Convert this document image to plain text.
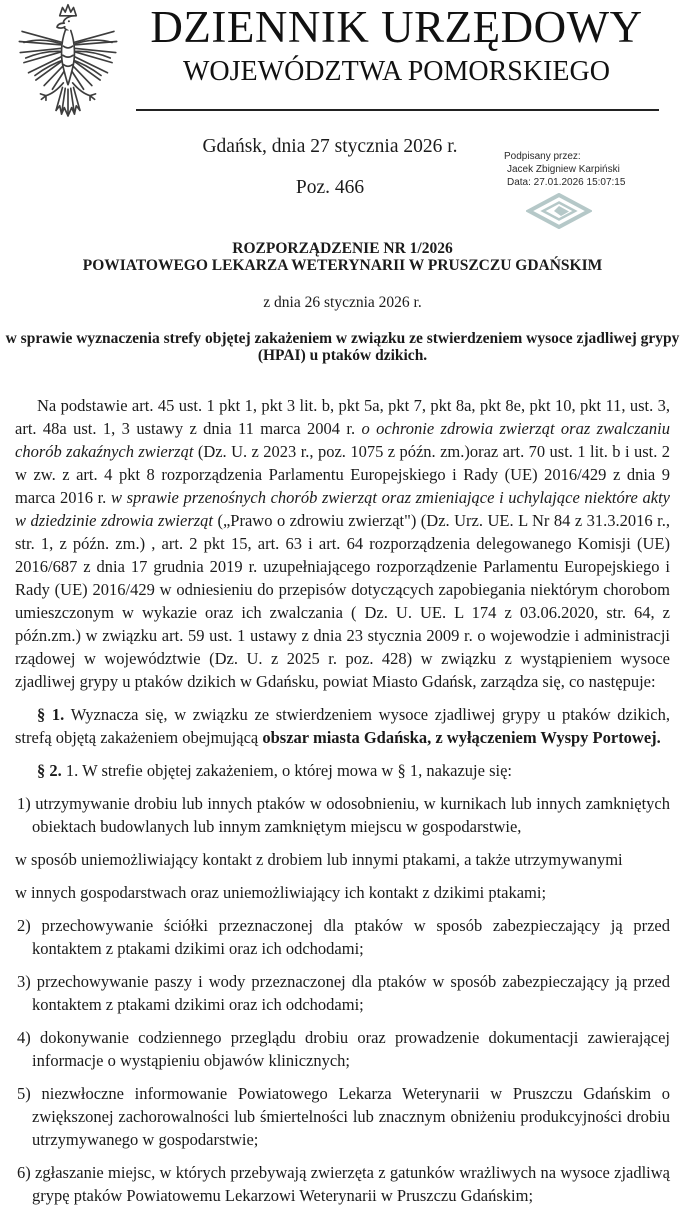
DZIENNIK URZĘDOWY
WOJEWÓDZTWA POMORSKIEGO
Gdańsk, dnia 27 stycznia 2026 r.
Poz. 466
Podpisany przez:
Jacek Zbigniew Karpiński
Data: 27.01.2026 15:07:15
ROZPORZĄDZENIE NR 1/2026
POWIATOWEGO LEKARZA WETERYNARII W PRUSZCZU GDAŃSKIM
z dnia 26 stycznia 2026 r.
w sprawie wyznaczenia strefy objętej zakażeniem w związku ze stwierdzeniem wysoce zjadliwej grypy (HPAI) u ptaków dzikich.

Na podstawie art. 45 ust. 1 pkt 1, pkt 3 lit. b, pkt 5a, pkt 7, pkt 8a, pkt 8e, pkt 10, pkt 11, ust. 3, art. 48a ust. 1, 3 ustawy z dnia 11 marca 2004 r. o ochronie zdrowia zwierząt oraz zwalczaniu chorób zakaźnych zwierząt (Dz. U. z 2023 r., poz. 1075 z późn. zm.)oraz art. 70 ust. 1 lit. b i ust. 2 w zw. z art. 4 pkt 8 rozporządzenia Parlamentu Europejskiego i Rady (UE) 2016/429 z dnia 9 marca 2016 r. w sprawie przenośnych chorób zwierząt oraz zmieniające i uchylające niektóre akty w dziedzinie zdrowia zwierząt („Prawo o zdrowiu zwierząt") (Dz. Urz. UE. L Nr 84 z 31.3.2016 r., str. 1, z późn. zm.) , art. 2 pkt 15, art. 63 i art. 64 rozporządzenia delegowanego Komisji (UE) 2016/687 z dnia 17 grudnia 2019 r. uzupełniającego rozporządzenie Parlamentu Europejskiego i Rady (UE) 2016/429 w odniesieniu do przepisów dotyczących zapobiegania niektórym chorobom umieszczonym w wykazie oraz ich zwalczania ( Dz. U. UE. L 174 z 03.06.2020, str. 64, z późn.zm.) w związku art. 59 ust. 1 ustawy z dnia 23 stycznia 2009 r. o wojewodzie i administracji rządowej w województwie (Dz. U. z 2025 r. poz. 428) w związku z wystąpieniem wysoce zjadliwej grypy u ptaków dzikich w Gdańsku, powiat Miasto Gdańsk, zarządza się, co następuje:

§ 1. Wyznacza się, w związku ze stwierdzeniem wysoce zjadliwej grypy u ptaków dzikich, strefą objętą zakażeniem obejmującą obszar miasta Gdańska, z wyłączeniem Wyspy Portowej.

§ 2. 1. W strefie objętej zakażeniem, o której mowa w § 1, nakazuje się:

1) utrzymywanie drobiu lub innych ptaków w odosobnieniu, w kurnikach lub innych zamkniętych obiektach budowlanych lub innym zamkniętym miejscu w gospodarstwie,

w sposób uniemożliwiający kontakt z drobiem lub innymi ptakami, a także utrzymywanymi

w innych gospodarstwach oraz uniemożliwiający ich kontakt z dzikimi ptakami;

2) przechowywanie ściółki przeznaczonej dla ptaków w sposób zabezpieczający ją przed kontaktem z ptakami dzikimi oraz ich odchodami;

3) przechowywanie paszy i wody przeznaczonej dla ptaków w sposób zabezpieczający ją przed kontaktem z ptakami dzikimi oraz ich odchodami;

4) dokonywanie codziennego przeglądu drobiu oraz prowadzenie dokumentacji zawierającej informacje o wystąpieniu objawów klinicznych;

5) niezwłoczne informowanie Powiatowego Lekarza Weterynarii w Pruszczu Gdańskim o zwiększonej zachorowalności lub śmiertelności lub znacznym obniżeniu produkcyjności drobiu utrzymywanego w gospodarstwie;

6) zgłaszanie miejsc, w których przebywają zwierzęta z gatunków wrażliwych na wysoce zjadliwą grypę ptaków Powiatowemu Lekarzowi Weterynarii w Pruszczu Gdańskim;
